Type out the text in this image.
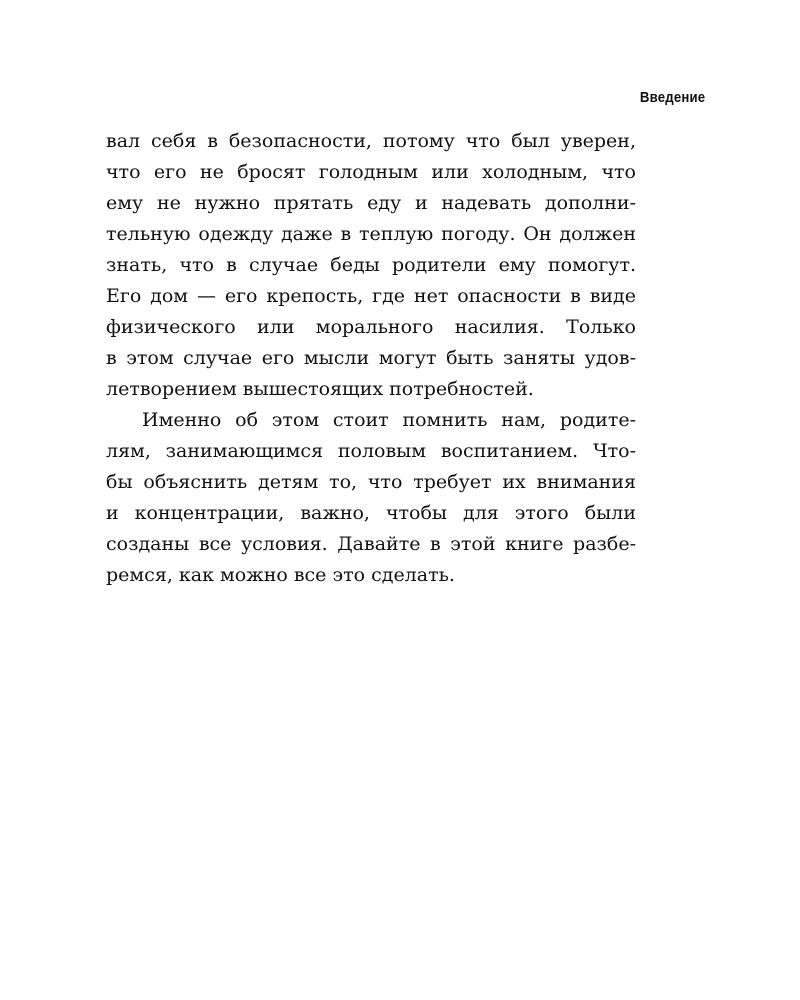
Введение
вал себя в безопасности, потому что был уверен,
что его не бросят голодным или холодным, что
ему не нужно прятать еду и надевать дополни-
тельную одежду даже в теплую погоду. Он должен
знать, что в случае беды родители ему помогут.
Его дом — его крепость, где нет опасности в виде
физического или морального насилия. Только
в этом случае его мысли могут быть заняты удов-
летворением вышестоящих потребностей.
Именно об этом стоит помнить нам, родите-
лям, занимающимся половым воспитанием. Что-
бы объяснить детям то, что требует их внимания
и концентрации, важно, чтобы для этого были
созданы все условия. Давайте в этой книге разбе-
ремся, как можно все это сделать.
